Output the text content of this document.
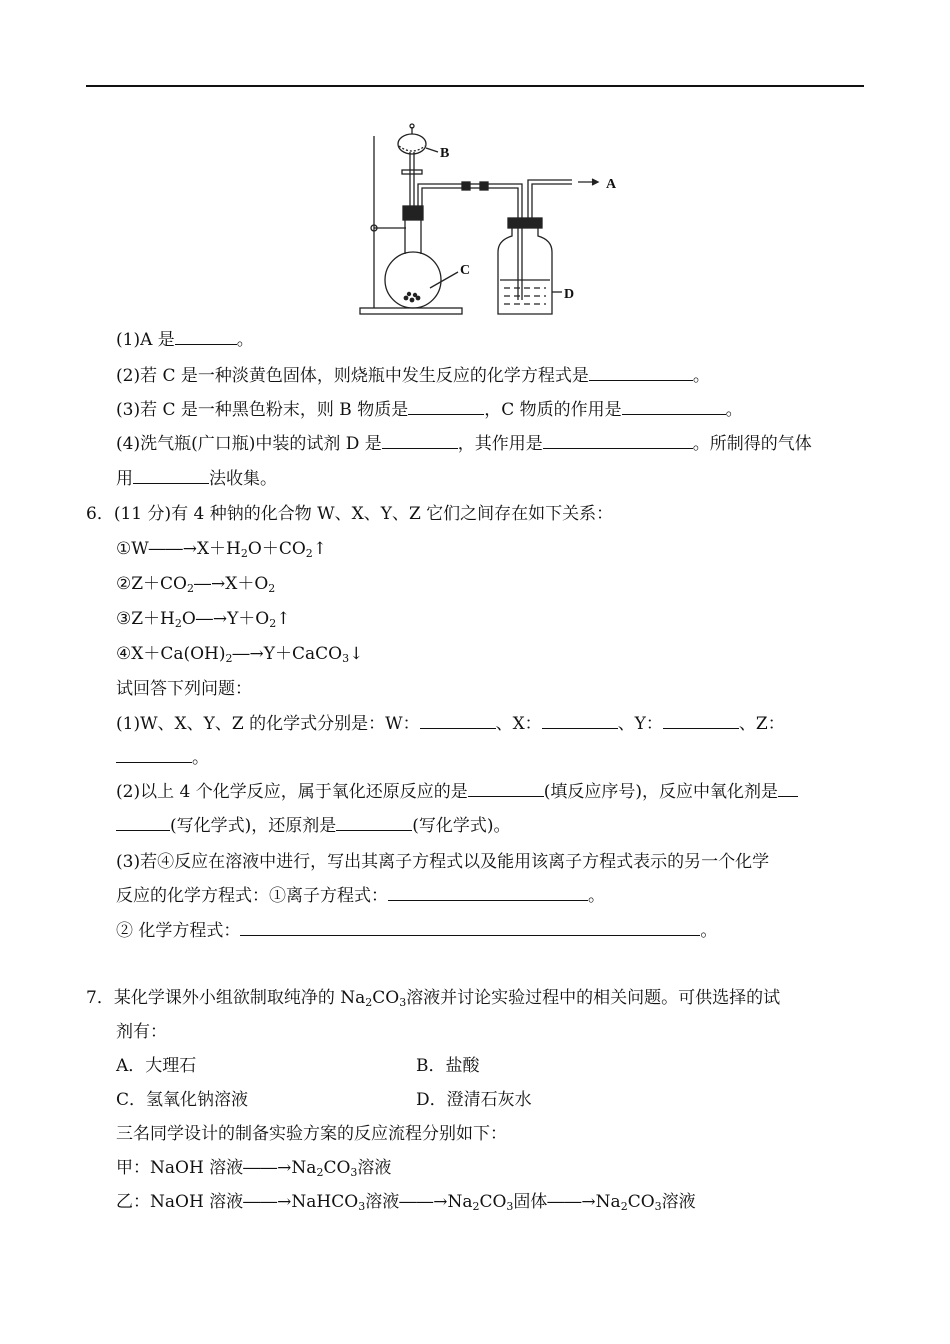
B
A
C
D
(1)A 是	。
(2)若 C 是一种淡黄色固体，则烧瓶中发生反应的化学方程式是	。
(3)若 C 是一种黑色粉末，则 B 物质是	，C 物质的作用是	。
(4)洗气瓶(广口瓶)中装的试剂 D 是	，其作用是	。所制得的气体
用	法收集。
6．(11 分)有 4 种钠的化合物 W、X、Y、Z 它们之间存在如下关系：
$①W――\to X+H_2O+CO_2↑$
$②Z+CO_2―\to X+O_2$
$③Z+H_2O―\to Y+O_2↑$
$④X+Ca(OH)_2―\to Y+CaCO_3↓$
试回答下列问题：
(1)W、X、Y、Z 的化学式分别是：W：	、X：	、Y：	、Z：
。
(2)以上 4 个化学反应，属于氧化还原反应的是	(填反应序号)，反应中氧化剂是
(写化学式)，还原剂是	(写化学式)。
(3)若④反应在溶液中进行，写出其离子方程式以及能用该离子方程式表示的另一个化学
反应的化学方程式：①离子方程式：	。
② 化学方程式：	。
7．某化学课外小组欲制取纯净的 $Na_2CO_3$溶液并讨论实验过程中的相关问题。可供选择的试
剂有：
A．大理石	B．盐酸
C．氢氧化钠溶液	D．澄清石灰水
三名同学设计的制备实验方案的反应流程分别如下：
甲：NaOH 溶液$――\to Na_2CO_3$溶液
乙：NaOH 溶液――→NaHCO$_3$溶液$――\to Na_2CO_3$固体$――\to Na_2CO_3$溶液
